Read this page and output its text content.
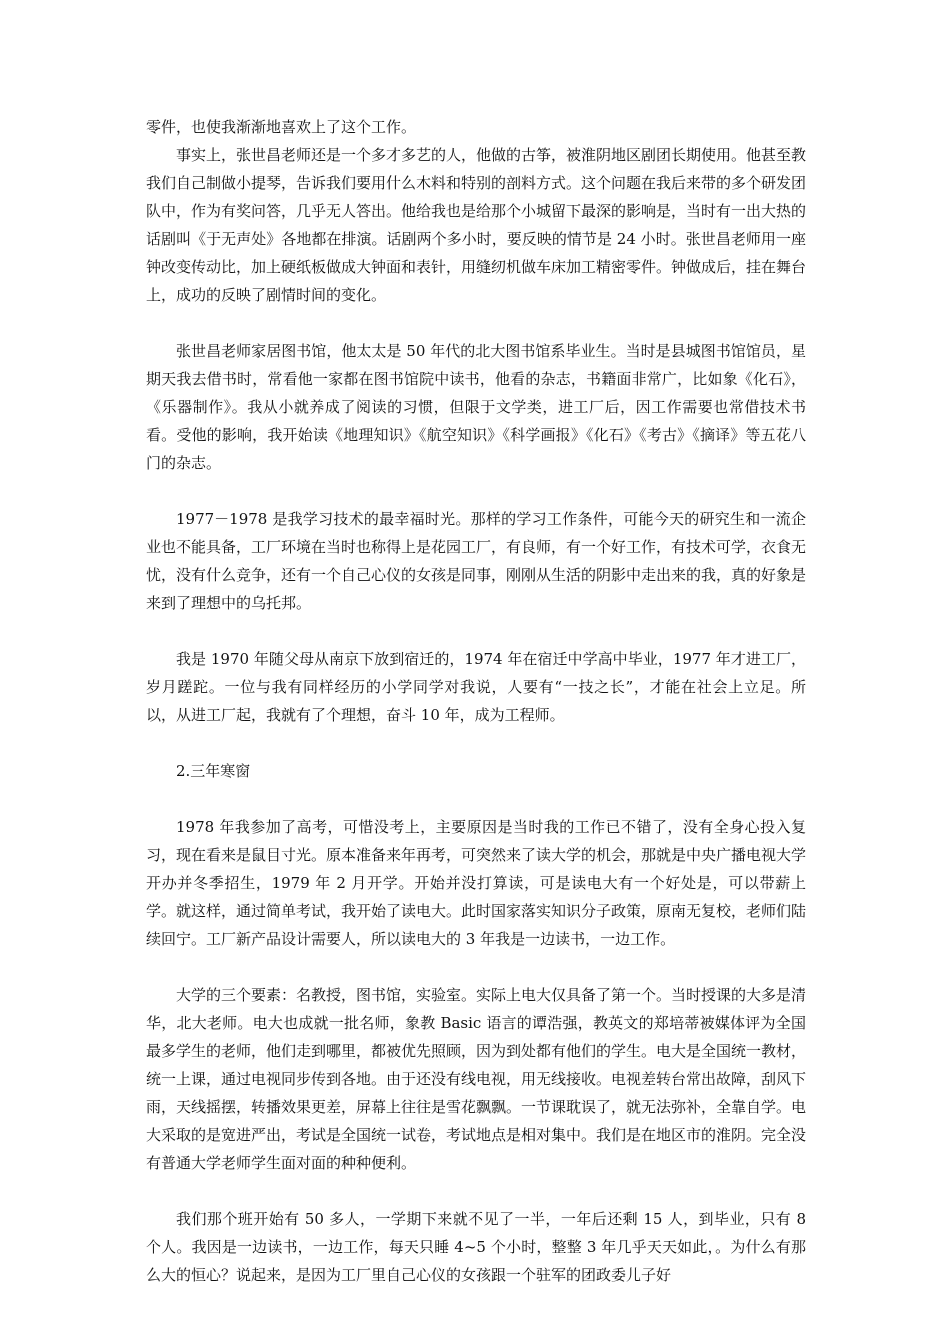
零件，也使我渐渐地喜欢上了这个工作。

事实上，张世昌老师还是一个多才多艺的人，他做的古筝，被淮阴地区剧团长期使用。他甚至教我们自己制做小提琴，告诉我们要用什么木料和特别的剖料方式。这个问题在我后来带的多个研发团队中，作为有奖问答，几乎无人答出。他给我也是给那个小城留下最深的影响是，当时有一出大热的话剧叫《于无声处》各地都在排演。话剧两个多小时，要反映的情节是 24 小时。张世昌老师用一座钟改变传动比，加上硬纸板做成大钟面和表针，用缝纫机做车床加工精密零件。钟做成后，挂在舞台上，成功的反映了剧情时间的变化。

张世昌老师家居图书馆，他太太是 50 年代的北大图书馆系毕业生。当时是县城图书馆馆员，星期天我去借书时，常看他一家都在图书馆院中读书，他看的杂志，书籍面非常广，比如象《化石》，《乐器制作》。我从小就养成了阅读的习惯，但限于文学类，进工厂后，因工作需要也常借技术书看。受他的影响，我开始读《地理知识》《航空知识》《科学画报》《化石》《考古》《摘译》等五花八门的杂志。

1977－1978 是我学习技术的最幸福时光。那样的学习工作条件，可能今天的研究生和一流企业也不能具备，工厂环境在当时也称得上是花园工厂，有良师，有一个好工作，有技术可学，衣食无忧，没有什么竞争，还有一个自己心仪的女孩是同事，刚刚从生活的阴影中走出来的我，真的好象是来到了理想中的乌托邦。

我是 1970 年随父母从南京下放到宿迁的，1974 年在宿迁中学高中毕业，1977 年才进工厂，岁月蹉跎。一位与我有同样经历的小学同学对我说，人要有“一技之长”，才能在社会上立足。所以，从进工厂起，我就有了个理想，奋斗 10 年，成为工程师。

2.三年寒窗

1978 年我参加了高考，可惜没考上，主要原因是当时我的工作已不错了，没有全身心投入复习，现在看来是鼠目寸光。原本准备来年再考，可突然来了读大学的机会，那就是中央广播电视大学开办并冬季招生，1979 年 2 月开学。开始并没打算读，可是读电大有一个好处是，可以带薪上学。就这样，通过简单考试，我开始了读电大。此时国家落实知识分子政策，原南无复校，老师们陆续回宁。工厂新产品设计需要人，所以读电大的 3 年我是一边读书，一边工作。

大学的三个要素：名教授，图书馆，实验室。实际上电大仅具备了第一个。当时授课的大多是清华，北大老师。电大也成就一批名师，象教 Basic 语言的谭浩强，教英文的郑培蒂被媒体评为全国最多学生的老师，他们走到哪里，都被优先照顾，因为到处都有他们的学生。电大是全国统一教材，统一上课，通过电视同步传到各地。由于还没有线电视，用无线接收。电视差转台常出故障，刮风下雨，天线摇摆，转播效果更差，屏幕上往往是雪花飘飘。一节课耽误了，就无法弥补，全靠自学。电大采取的是宽进严出，考试是全国统一试卷，考试地点是相对集中。我们是在地区市的淮阴。完全没有普通大学老师学生面对面的种种便利。

我们那个班开始有 50 多人，一学期下来就不见了一半，一年后还剩 15 人，到毕业，只有 8 个人。我因是一边读书，一边工作，每天只睡 4~5 个小时，整整 3 年几乎天天如此，。为什么有那么大的恒心？说起来，是因为工厂里自己心仪的女孩跟一个驻军的团政委儿子好
